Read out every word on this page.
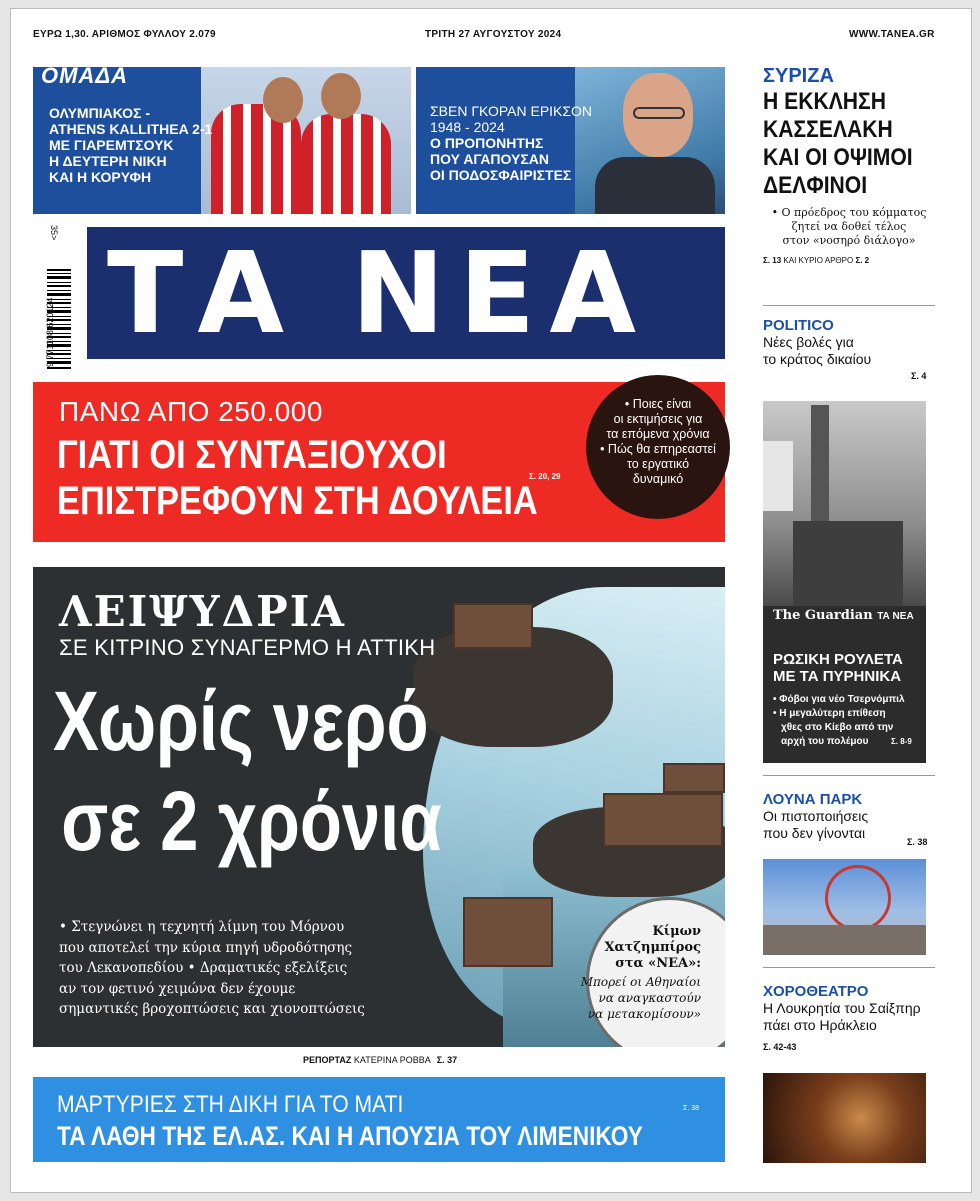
ΕΥΡΩ 1,30. ΑΡΙΘΜΟΣ ΦΥΛΛΟΥ 2.079	ΤΡΙΤΗ 27 ΑΥΓΟΥΣΤΟΥ 2024	WWW.TANEA.GR
ΟΜΑΔΑ
ΟΛΥΜΠΙΑΚΟΣ -
ATHENS KALLITHEA 2-1
ΜΕ ΓΙΑΡΕΜΤΣΟΥΚ
Η ΔΕΥΤΕΡΗ ΝΙΚΗ
ΚΑΙ Η ΚΟΡΥΦΗ
ΣΒΕΝ ΓΚΟΡΑΝ ΕΡΙΚΣΟΝ
1948 - 2024
Ο ΠΡΟΠΟΝΗΤΗΣ
ΠΟΥ ΑΓΑΠΟΥΣΑΝ
ΟΙ ΠΟΔΟΣΦΑΙΡΙΣΤΕΣ
35>
9 771108 620124 ΤΑ ΝΕΑ
ΠΑΝΩ ΑΠΟ 250.000
ΓΙΑΤΙ ΟΙ ΣΥΝΤΑΞΙΟΥΧΟΙ
ΕΠΙΣΤΡΕΦΟΥΝ ΣΤΗ ΔΟΥΛΕΙΑ
Σ. 20, 29
• Ποιες είναι
οι εκτιμήσεις για
τα επόμενα χρόνια
• Πώς θα επηρεαστεί
το εργατικό
δυναμικό
ΛΕΙΨΥΔΡΙΑ
ΣΕ ΚΙΤΡΙΝΟ ΣΥΝΑΓΕΡΜΟ Η ΑΤΤΙΚΗ
Χωρίς νερό
σε 2 χρόνια
• Στεγνώνει η τεχνητή λίμνη του Μόρνου
που αποτελεί την κύρια πηγή υδροδότησης
του Λεκανοπεδίου • Δραματικές εξελίξεις
αν τον φετινό χειμώνα δεν έχουμε
σημαντικές βροχοπτώσεις και χιονοπτώσεις
Κίμων
Χατζημπίρος
στα «ΝΕΑ»:
Μπορεί οι Αθηναίοι
να αναγκαστούν
να μετακομίσουν»
ΡΕΠΟΡΤΑΖ ΚΑΤΕΡΙΝΑ ΡΟΒΒΑ Σ. 37
ΜΑΡΤΥΡΙΕΣ ΣΤΗ ΔΙΚΗ ΓΙΑ ΤΟ ΜΑΤΙ
ΤΑ ΛΑΘΗ ΤΗΣ ΕΛ.ΑΣ. ΚΑΙ Η ΑΠΟΥΣΙΑ ΤΟΥ ΛΙΜΕΝΙΚΟΥ
Σ. 38
ΣΥΡΙΖΑ
Η ΕΚΚΛΗΣΗ
ΚΑΣΣΕΛΑΚΗ
ΚΑΙ ΟΙ ΟΨΙΜΟΙ
ΔΕΛΦΙΝΟΙ
• Ο πρόεδρος του κόμματος
ζητεί να δοθεί τέλος
στον «νοσηρό διάλογο»
Σ. 13 ΚΑΙ ΚΥΡΙΟ ΑΡΘΡΟ Σ. 2
POLITICO
Νέες βολές για
το κράτος δικαίου
Σ. 4
The Guardian ΤΑ ΝΕΑ
ΡΩΣΙΚΗ ΡΟΥΛΕΤΑ
ΜΕ ΤΑ ΠΥΡΗΝΙΚΑ
• Φόβοι για νέο Τσερνόμπιλ
• Η μεγαλύτερη επίθεση
χθες στο Κίεβο από την
αρχή του πολέμου	Σ. 8-9
ΛΟΥΝΑ ΠΑΡΚ
Οι πιστοποιήσεις
που δεν γίνονται
Σ. 38
ΧΟΡΟΘΕΑΤΡΟ
Η Λουκρητία του Σαίξπηρ
πάει στο Ηράκλειο
Σ. 42-43
